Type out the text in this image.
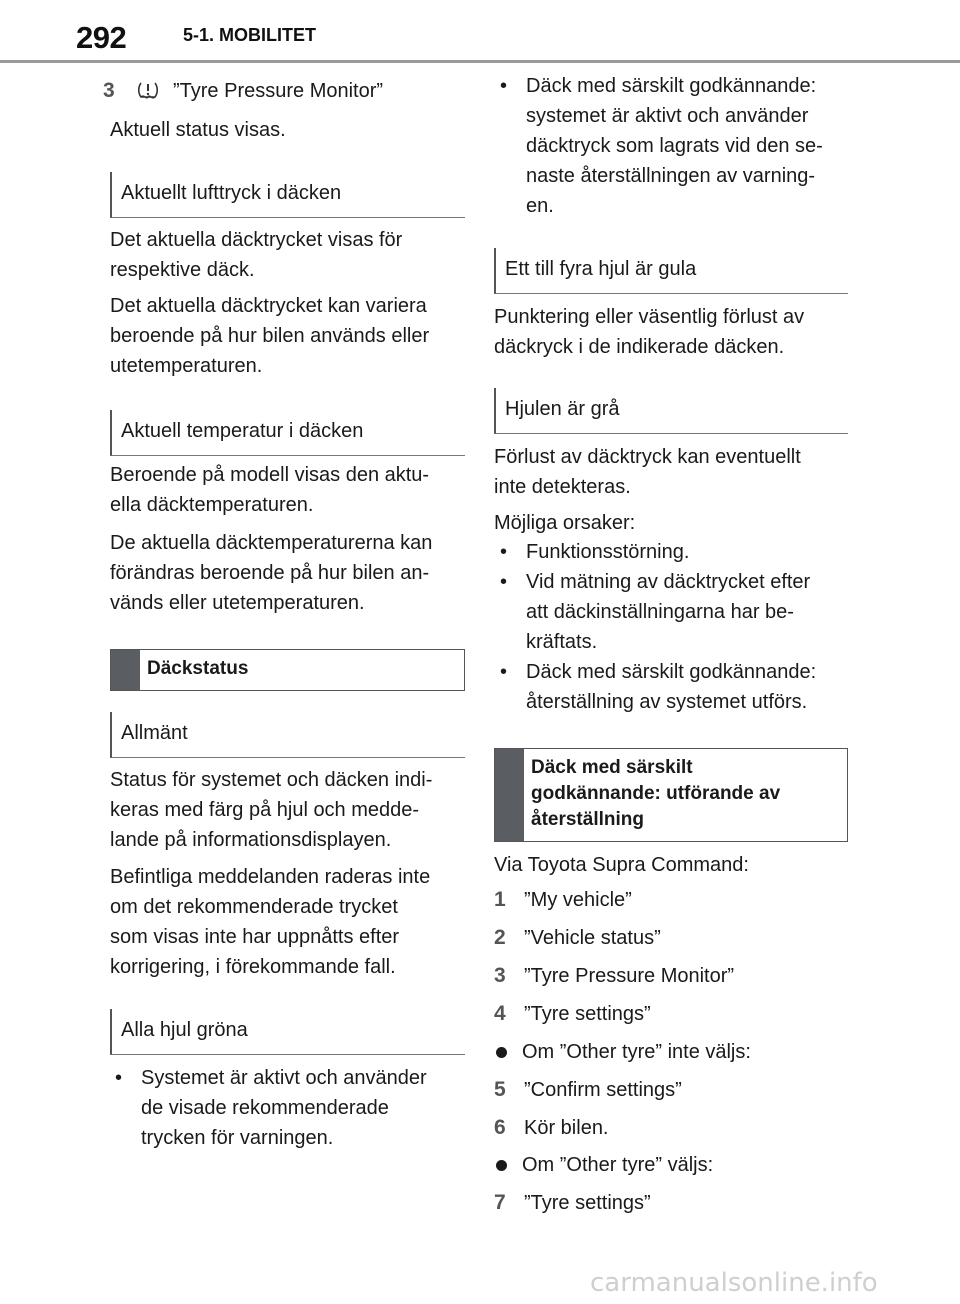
292	5-1. MOBILITET
3	”Tyre Pressure Monitor”
Aktuell status visas.
Aktuellt lufttryck i däcken
Det aktuella däcktrycket visas för
respektive däck.
Det aktuella däcktrycket kan variera
beroende på hur bilen används eller
utetemperaturen.
Aktuell temperatur i däcken
Beroende på modell visas den aktu-
ella däcktemperaturen.
De aktuella däcktemperaturerna kan
förändras beroende på hur bilen an-
vänds eller utetemperaturen.
Däckstatus
Allmänt
Status för systemet och däcken indi-
keras med färg på hjul och medde-
lande på informationsdisplayen.
Befintliga meddelanden raderas inte
om det rekommenderade trycket
som visas inte har uppnåtts efter
korrigering, i förekommande fall.
Alla hjul gröna
• Systemet är aktivt och använder
de visade rekommenderade
trycken för varningen.
• Däck med särskilt godkännande:
systemet är aktivt och använder
däcktryck som lagrats vid den se-
naste återställningen av varning-
en.
Ett till fyra hjul är gula
Punktering eller väsentlig förlust av
däckryck i de indikerade däcken.
Hjulen är grå
Förlust av däcktryck kan eventuellt
inte detekteras.
Möjliga orsaker:
• Funktionsstörning.
• Vid mätning av däcktrycket efter
att däckinställningarna har be-
kräftats.
• Däck med särskilt godkännande:
återställning av systemet utförs.
Däck med särskilt
godkännande: utförande av
återställning
Via Toyota Supra Command:
1 ”My vehicle”
2 ”Vehicle status”
3 ”Tyre Pressure Monitor”
4 ”Tyre settings”
Om ”Other tyre” inte väljs:
5 ”Confirm settings”
6 Kör bilen.
Om ”Other tyre” väljs:
7 ”Tyre settings”
carmanualsonline.info
